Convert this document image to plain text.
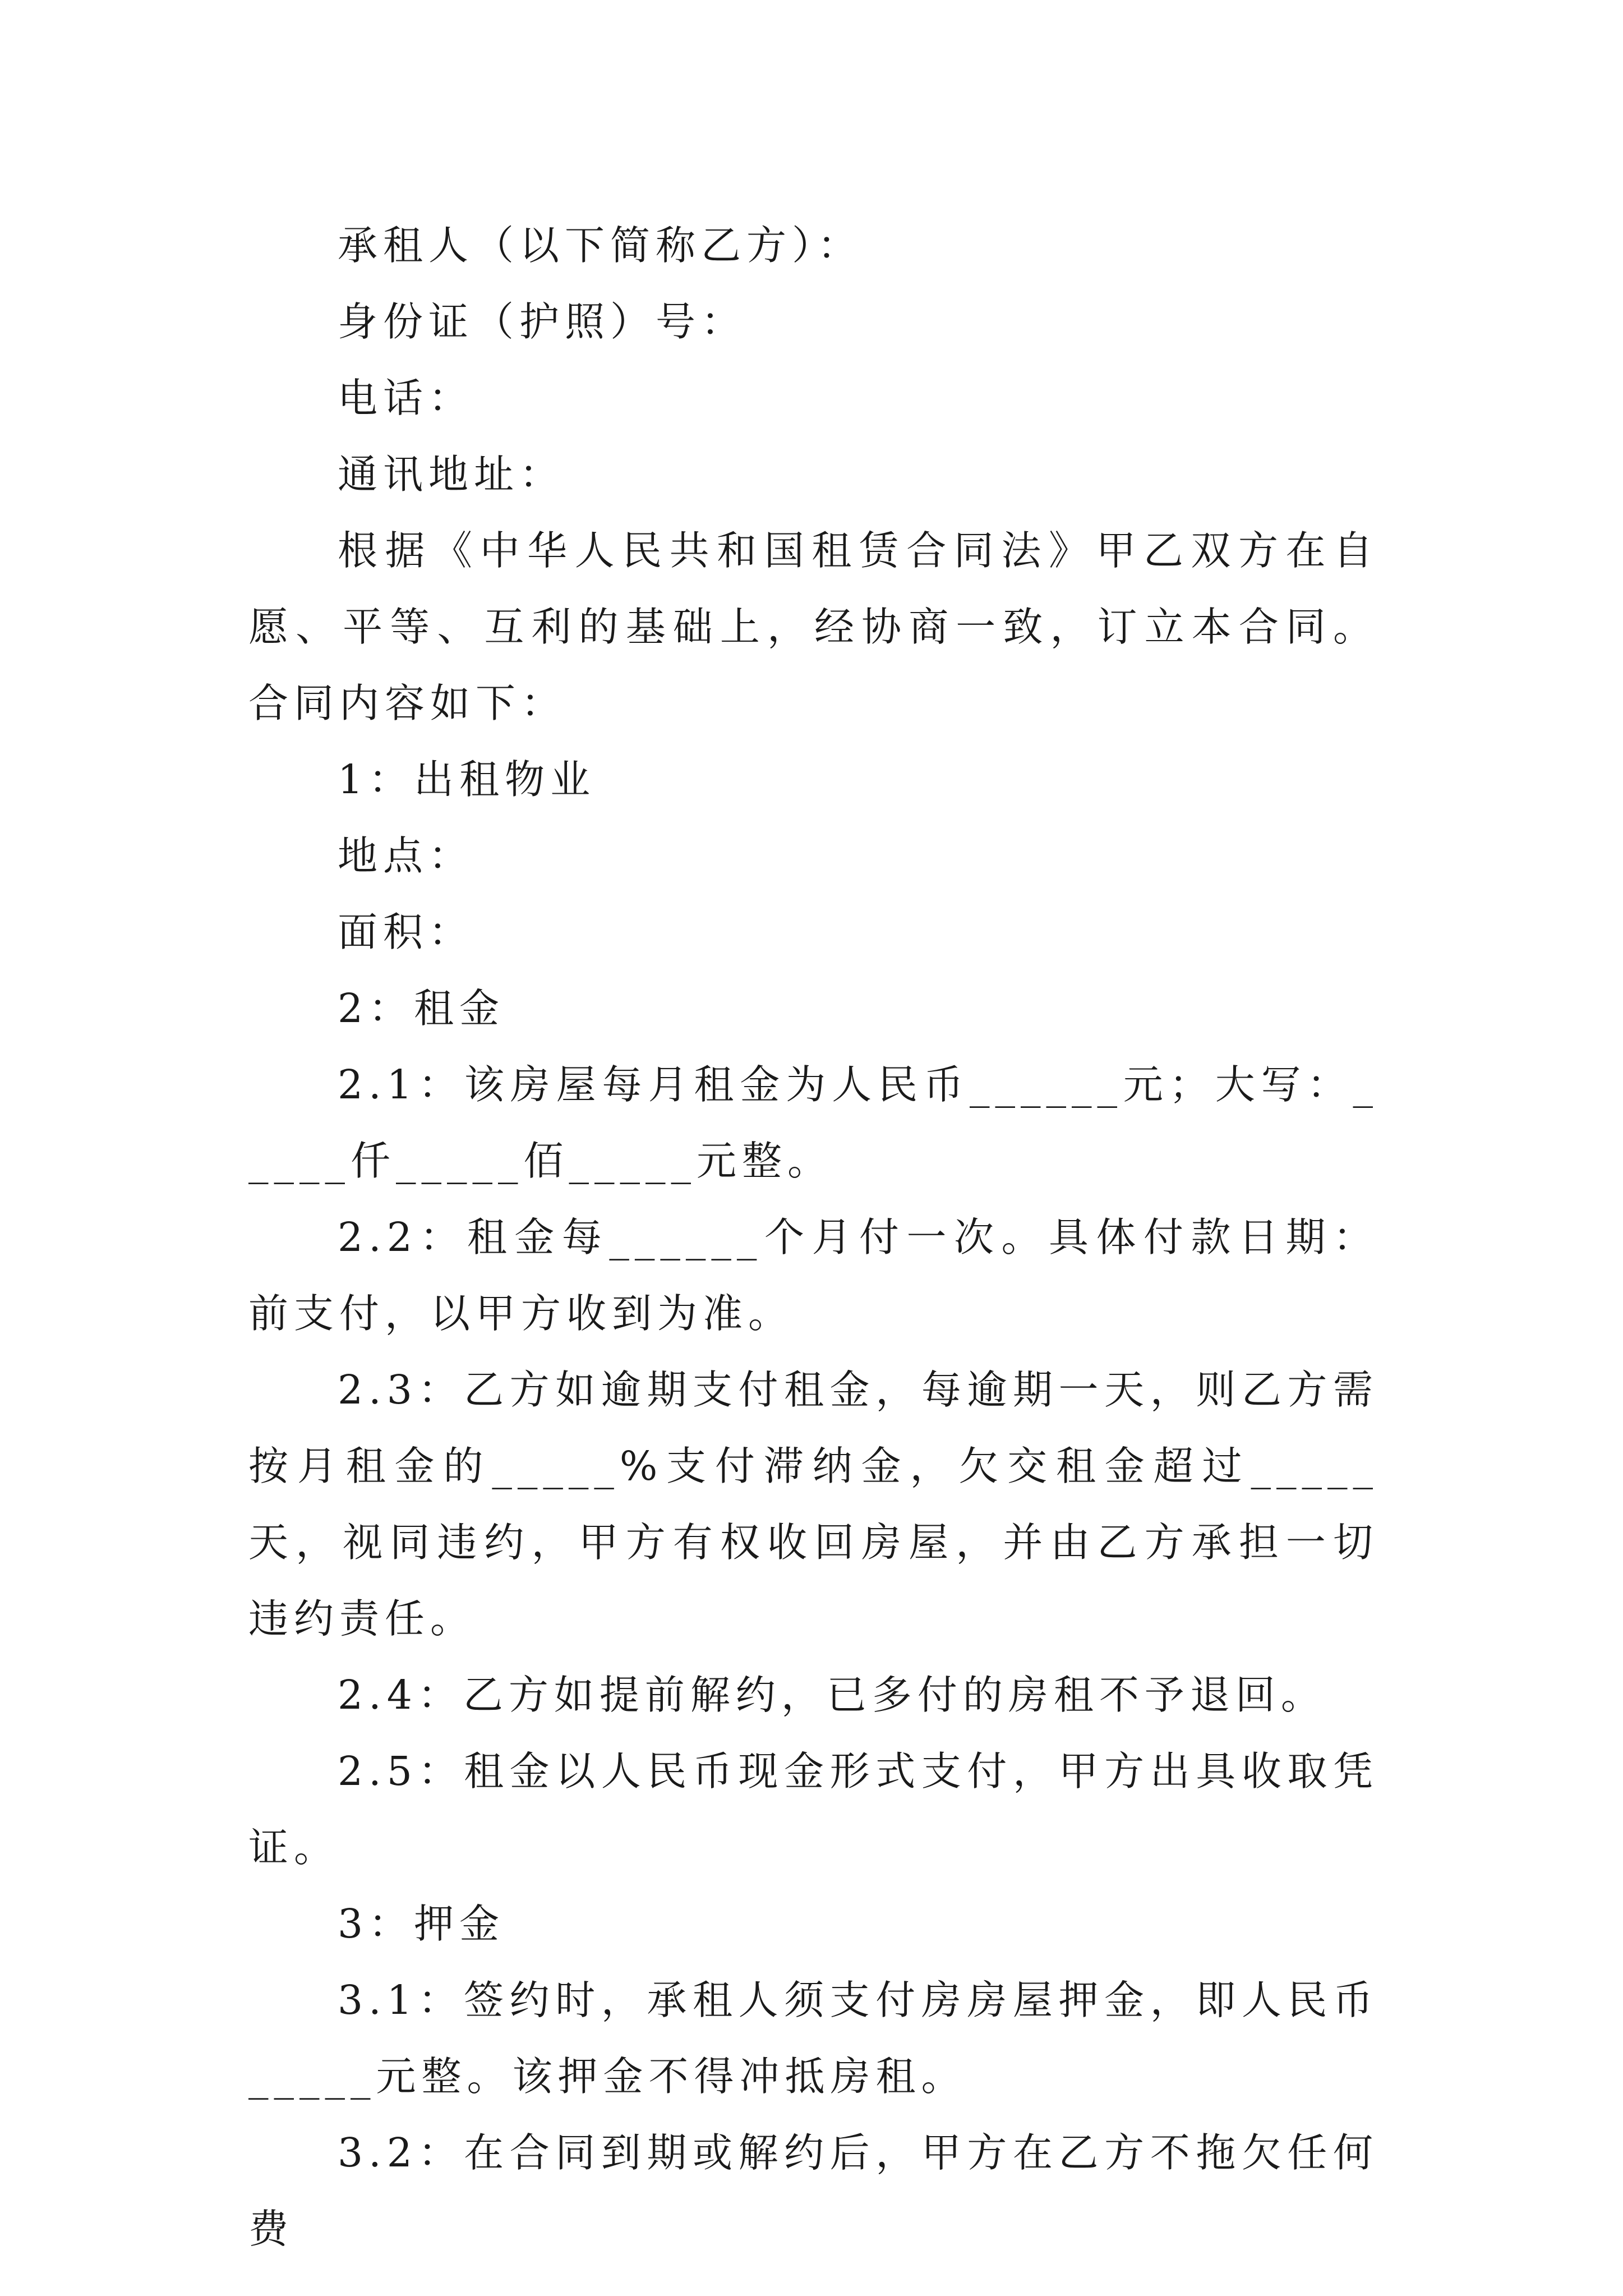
承租人（以下简称乙方）：

身份证（护照）号：

电话：

通讯地址：

根据《中华人民共和国租赁合同法》甲乙双方在自愿、平等、互利的基础上，经协商一致，订立本合同。合同内容如下：

1：出租物业

地点：

面积：

2：租金

2.1：该房屋每月租金为人民币______元；大写：_____仟_____佰_____元整。

2.2：租金每______个月付一次。具体付款日期：前支付，以甲方收到为准。

2.3：乙方如逾期支付租金，每逾期一天，则乙方需按月租金的_____%支付滞纳金，欠交租金超过_____天，视同违约，甲方有权收回房屋，并由乙方承担一切违约责任。

2.4：乙方如提前解约，已多付的房租不予退回。

2.5：租金以人民币现金形式支付，甲方出具收取凭证。

3：押金

3.1：签约时，承租人须支付房房屋押金，即人民币_____元整。该押金不得冲抵房租。

3.2：在合同到期或解约后，甲方在乙方不拖欠任何费
